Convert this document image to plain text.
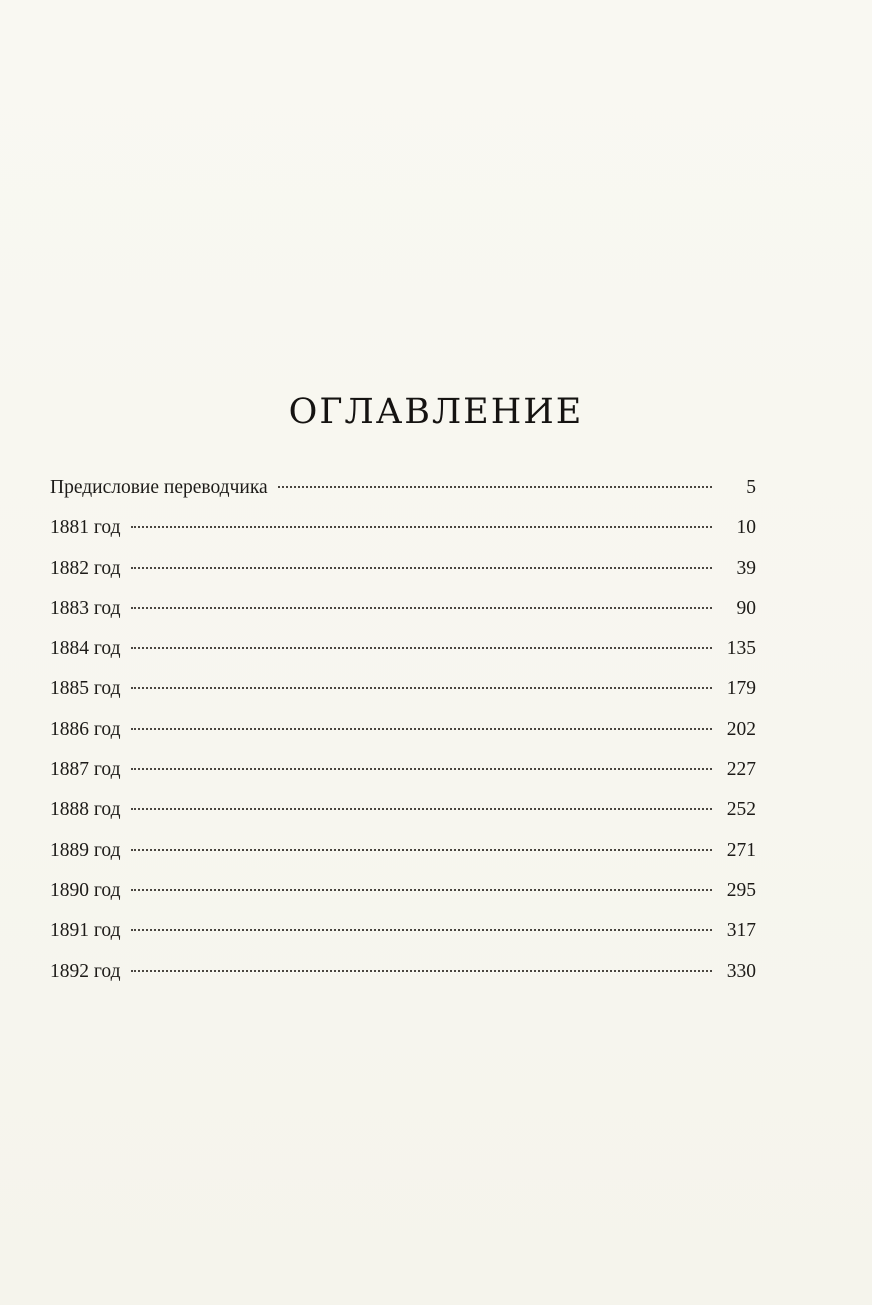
ОГЛАВЛЕНИЕ
Предисловие переводчика	5
1881 год	10
1882 год	39
1883 год	90
1884 год	135
1885 год	179
1886 год	202
1887 год	227
1888 год	252
1889 год	271
1890 год	295
1891 год	317
1892 год	330
